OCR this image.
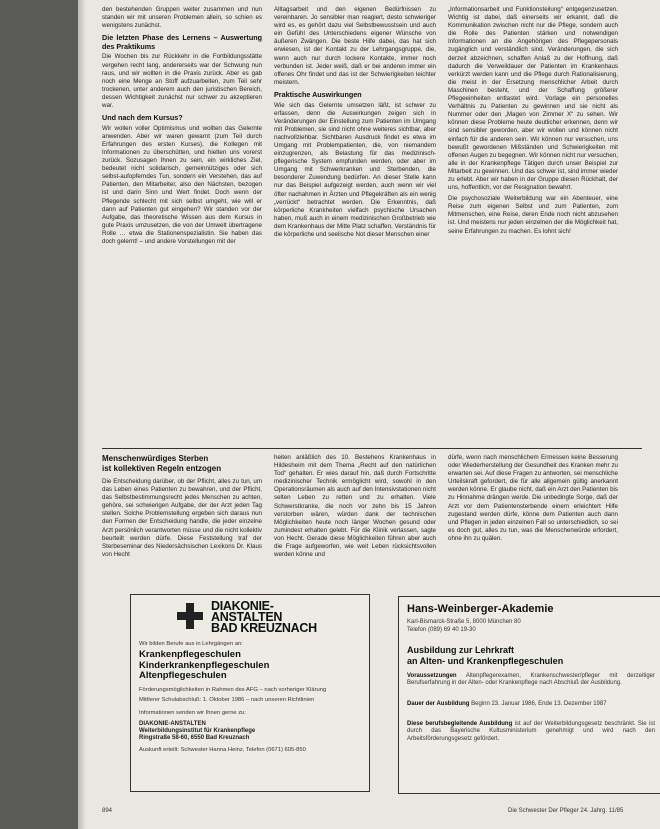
den bestehenden Gruppen weiter zusammen und nun standen wir mit unseren Problemen allein, so schien es wenigstens zunächst.

Die letzten Phase des Lernens – Auswertung des Praktikums

Die Wochen bis zur Rückkehr in die Fortbildungsstätte vergehen recht lang, andererseits war der Schwung nun raus, und wir wollten in die Praxis zurück. Aber es gab noch eine Menge an Stoff aufzuarbeiten, zum Teil sehr trockenen, unter anderem auch den juristischen Bereich, dessen Wichtigkeit zunächst nur schwer zu akzeptieren war.

Und nach dem Kursus?

Wir wollen voller Optimismus und wollten das Gelernte anwenden. Aber wir waren gewarnt (zum Teil durch Erfahrungen des ersten Kurses), die Kollegen mit Informationen zu überschütten, und hielten uns vorerst zurück. Sozusagen Ihnen zu sein, ein wirkliches Ziel, bedeutet nicht solidarisch, gemeinnütziges oder sich selbst-aufopferndes Tun, sondern ein Verstehen, das auf Patienten, den Mitarbeiter, also den Nächsten, bezogen ist und darin Sinn und Wert findet. Doch wenn der Pflegende schlecht mit sich selbst umgeht, wie will er dann auf Patienten gut eingehen? Wir standen vor der Aufgabe, das theoretische Wissen aus dem Kursus in gute Praxis umzusetzen, die von der Umwelt übertragene Rolle … etwa die Stationenspezialistin. Sie haben das doch gelernt! – und andere Vorstellungen mit der

Alltagsarbeit und den eigenen Bedürfnissen zu vereinbaren. Jo sensibler man reagiert, desto schwieriger wird es, es gehört dazu viel Selbstbewusstsein und auch ein Gefühl des Unterschiedens eigener Wünsche von äußeren Zwängen. Die beste Hilfe dabei, das hat sich erwiesen, ist der Kontakt zu der Lehrgangsgruppe, die, wenn auch nur durch lockere Kontakte, immer noch verbunden ist. Jeder weiß, daß er bei anderen immer ein offenes Ohr findet und das ist der Schwierigkeiten leichter meistern.

Praktische Auswirkungen

Wie sich das Gelernte umsetzen läßt, ist schwer zu erfassen, denn die Auswirkungen zeigen sich in Veränderungen der Einstellung zum Patienten im Umgang mit Problemen, sie sind nicht ohne weiteres sichtbar, aber nachvollziehbar. Sichtbaren Ausdruck findet es etwa im Umgang mit Problempatienten, die, von niemandem einzugrenzen, als Belastung für das medizinisch-pflegerische System empfunden werden, oder aber im Umgang mit Schwerkranken und Sterbenden, die besonderer Zuwendung bedürfen. An dieser Stelle kann nur das Beispiel aufgezeigt werden, auch wenn wir viel öfter nachahmen in Ärzten und Pflegekräften als ein wenig „verrückt“ betrachtet werden. Die Erkenntnis, daß körperliche Krankheiten vielfach psychische Ursachen haben, muß auch in einem medizinischen Großbetrieb wie dem Krankenhaus der Mitte Platz schaffen. Verständnis für die körperliche und seelische Not dieser Menschen einer

„Informationsarbeit und Funktionsteilung“ entgegenzusetzen. Wichtig ist dabei, daß einerseits wir erkannt, daß die Kommunikation zwischen nicht nur die Pflege, sondern auch die Rolle des Patienten stärken und notwendigen Informationen an die Angehörigen des Pflegepersonals zugänglich und verständlich sind. Veränderungen, die sich derzeit abzeichnen, schaffen Anlaß zu der Hoffnung, daß dadurch die Verweildauer der Patienten im Krankenhaus verkürzt werden kann und die Pflege durch Rationalisierung, die meist in der Ersetzung menschlicher Arbeit durch Maschinen besteht, und der Schaffung größerer Pflegeeinheiten entlastet wird. Vorlage ein personelles Verhältnis zu Patienten zu gewinnen und sie nicht als Nummer oder den „Magen von Zimmer X“ zu sehen. Wir können diese Probleme heute deutlicher erkennen, denn wir sind sensibler geworden, aber wir wollen und können nicht einfach für die anderen sein. Wir können nur versuchen, uns bewußt gewordenen Mißständen und Schwierigkeiten mit offenen Augen zu begegnen. Wir können nicht nur versuchen, alle in der Krankenpflege Tätigen durch unser Beispiel zur Mitarbeit zu gewinnen. Und das schwer ist, sind immer wieder zu erlebt. Aber wir haben in der Gruppe diesen Rückhalt, der uns, hoffentlich, vor der Resignation bewahrt.

Die psychosoziale Weiterbildung war ein Abenteuer, eine Reise zum eigenen Selbst und zum Patienten, zum Mitmenschen, eine Reise, deren Ende noch nicht abzusehen ist. Und meistens nur jeden einzelnen der die Möglichkeit hat, seine Erfahrungen zu machen. Es lohnt sich!

Menschenwürdiges Sterben
ist kollektiven Regeln entzogen

Die Entscheidung darüber, ob der Pflicht, alles zu tun, um das Leben eines Patienten zu bewahren, und der Pflicht, das Selbstbestimmungsrecht jedes Menschen zu achten, gehöre, sei schwierigen Aufgabe, der der Arzt jeden Tag stellen. Solche Problemstellung ergeben sich daraus nun den Formen der Entscheidung handle, die jeder einzelne Arzt persönlich verantworten müsse und die nicht kollektiv beurteilt werden dürfe. Diese Feststellung traf der Sterbeseminar des Niedersächsischen Lexikons Dr. Klaus von Hecht

heiten anläßlich des 10. Bestehens Krankenhaus in Hildesheim mit dem Thema „Recht auf den natürlichen Tod“ gehalten. Er wies darauf hin, daß durch Fortschritte medizinischer Technik ermöglicht wird, sowohl in den Operationsräumen als auch auf den Intensivstationen nicht selten Leben zu retten und zu erhalten. Viele Schwerstkranke, die noch vor zehn bis 15 Jahren verstorben wären, würden dank der technischen Möglichkeiten heute noch länger Wochen gesund oder zumindest erhalten gelebt. Für die Klinik verlassen, sagte von Hecht. Gerade diese Möglichkeiten führen aber auch die Frage aufgeworfen, wie weit Leben rücksichtsvollen werden könne und

dürfe, wenn nach menschlichem Ermessen keine Besserung oder Wiederherstellung der Gesundheit des Kranken mehr zu erwarten sei. Auf diese Fragen zu antworten, sei menschliche Urteilskraft gefordert, die für alle allgemein gültig anerkannt werden könne. Er glaube nicht, daß ein Arzt den Patienten bis zu Hinnahme drängen werde. Die unbedingte Sorge, daß der Arzt vor dem Patientensterbende einem erleichtert Hilfe zugestand werden dürfe, könne dem Patienten auch dann und Pflegen in jeden einzelnen Fall so unterschiedlich, so sei es doch gut, alles zu tun, was die Menschenwürde erfordert, ohne ihn zu quälen.

DIAKONIE-
ANSTALTEN
BAD KREUZNACH
Wir bilden Berufe aus in Lehrgängen an:
Krankenpflegeschulen
Kinderkrankenpflegeschulen
Altenpflegeschulen
Förderungsmöglichkeiten in Rahmen des AFG – nach vorheriger Klärung
Mittlerer Schulabschluß: 1. Oktober 1986 – nach unseren Richtlinien
Informationen senden wir Ihnen gerne zu:
DIAKONIE-ANSTALTEN
Weiterbildungsinstitut für Krankenpflege
Ringstraße 58-60, 6550 Bad Kreuznach
Auskunft erteilt: Schwester Hanna Heinz, Telefon (0671) 605-850
Hans-Weinberger-Akademie
Karl-Bismarck-Straße 5, 8000 München 80
Telefon (089) 69 40 19-30
Ausbildung zur Lehrkraft
an Alten- und Krankenpflegeschulen
Voraussetzungen Altenpflegerexamen, Krankenschwester/pfleger mit derzeitiger Berufserfahrung in der Alten- oder Krankenpflege nach Abschluß der Ausbildung.
Dauer der Ausbildung Beginn 23. Januar 1986, Ende 13. Dezember 1987
Diese berufsbegleitende Ausbildung ist auf der Weiterbildungsgesetz beschränkt. Sie ist durch das Bayerische Kultusministerium genehmigt und wird nach den Arbeitsförderungsgesetz gefördert.
894	Die Schwester Der Pfleger 24. Jahrg. 11/85
